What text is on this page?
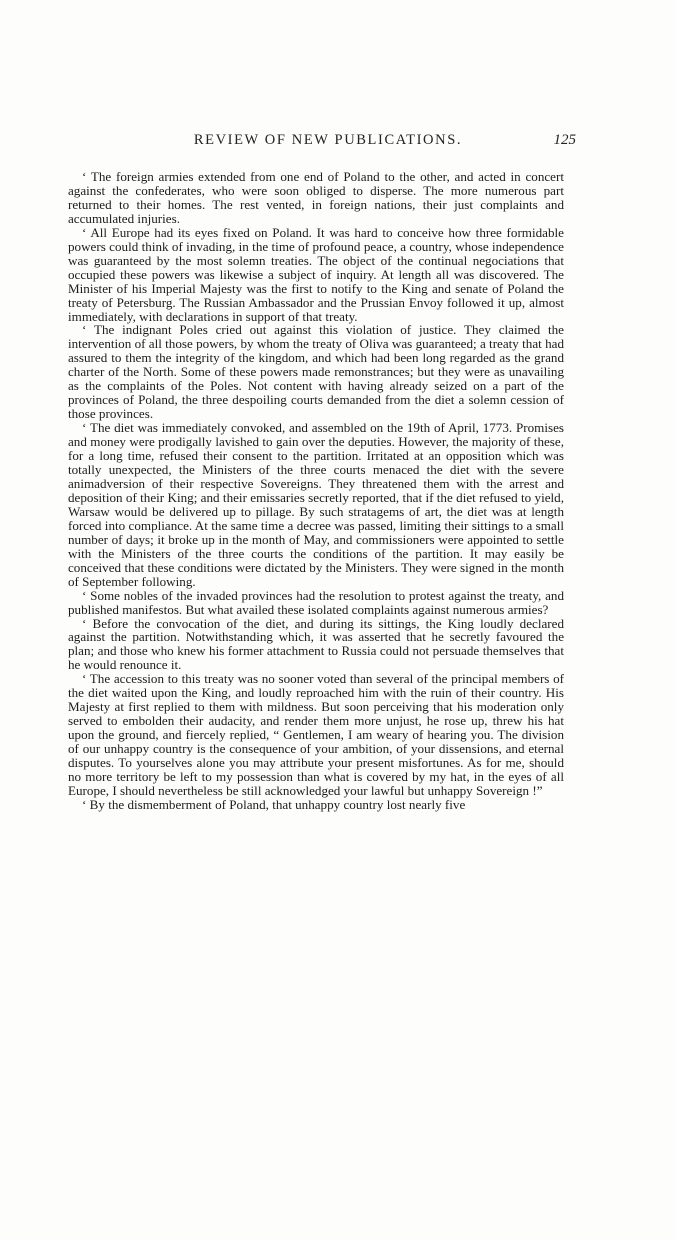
REVIEW OF NEW PUBLICATIONS.	125

‘ The foreign armies extended from one end of Poland to the other, and acted in concert against the confederates, who were soon obliged to disperse. The more numerous part returned to their homes. The rest vented, in foreign nations, their just complaints and accumulated injuries.

‘ All Europe had its eyes fixed on Poland. It was hard to conceive how three formidable powers could think of invading, in the time of profound peace, a country, whose independence was guaranteed by the most solemn treaties. The object of the continual negociations that occupied these powers was likewise a subject of inquiry. At length all was discovered. The Minister of his Imperial Majesty was the first to notify to the King and senate of Poland the treaty of Petersburg. The Russian Ambassador and the Prussian Envoy followed it up, almost immediately, with declarations in support of that treaty.

‘ The indignant Poles cried out against this violation of justice. They claimed the intervention of all those powers, by whom the treaty of Oliva was guaranteed; a treaty that had assured to them the integrity of the kingdom, and which had been long regarded as the grand charter of the North. Some of these powers made remonstrances; but they were as unavailing as the complaints of the Poles. Not content with having already seized on a part of the provinces of Poland, the three despoiling courts demanded from the diet a solemn cession of those provinces.

‘ The diet was immediately convoked, and assembled on the 19th of April, 1773. Promises and money were prodigally lavished to gain over the deputies. However, the majority of these, for a long time, refused their consent to the partition. Irritated at an opposition which was totally unexpected, the Ministers of the three courts menaced the diet with the severe animadversion of their respective Sovereigns. They threatened them with the arrest and deposition of their King; and their emissaries secretly reported, that if the diet refused to yield, Warsaw would be delivered up to pillage. By such stratagems of art, the diet was at length forced into compliance. At the same time a decree was passed, limiting their sittings to a small number of days; it broke up in the month of May, and commissioners were appointed to settle with the Ministers of the three courts the conditions of the partition. It may easily be conceived that these conditions were dictated by the Ministers. They were signed in the month of September following.

‘ Some nobles of the invaded provinces had the resolution to protest against the treaty, and published manifestos. But what availed these isolated complaints against numerous armies?

‘ Before the convocation of the diet, and during its sittings, the King loudly declared against the partition. Notwithstanding which, it was asserted that he secretly favoured the plan; and those who knew his former attachment to Russia could not persuade themselves that he would renounce it.

‘ The accession to this treaty was no sooner voted than several of the principal members of the diet waited upon the King, and loudly reproached him with the ruin of their country. His Majesty at first replied to them with mildness. But soon perceiving that his moderation only served to embolden their audacity, and render them more unjust, he rose up, threw his hat upon the ground, and fiercely replied, “ Gentlemen, I am weary of hearing you. The division of our unhappy country is the consequence of your ambition, of your dissensions, and eternal disputes. To yourselves alone you may attribute your present misfortunes. As for me, should no more territory be left to my possession than what is covered by my hat, in the eyes of all Europe, I should nevertheless be still acknowledged your lawful but unhappy Sovereign !”

‘ By the dismemberment of Poland, that unhappy country lost nearly five
